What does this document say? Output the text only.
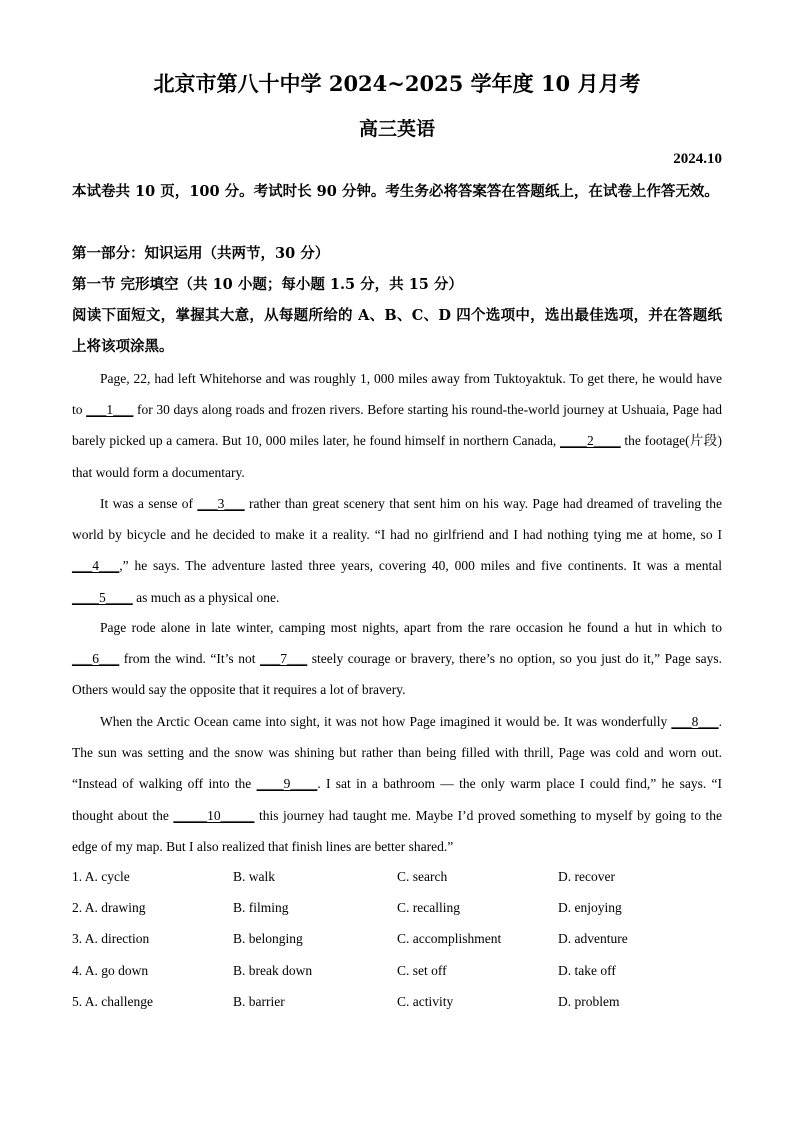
北京市第八十中学 2024~2025 学年度 10 月月考
高三英语
2024.10
本试卷共 10 页，100 分。考试时长 90 分钟。考生务必将答案答在答题纸上，在试卷上作答无效。
第一部分：知识运用（共两节，30 分）
第一节 完形填空（共 10 小题；每小题 1.5 分，共 15 分）
阅读下面短文，掌握其大意，从每题所给的 A、B、C、D 四个选项中，选出最佳选项，并在答题纸上将该项涂黑。

Page, 22, had left Whitehorse and was roughly 1, 000 miles away from Tuktoyaktuk. To get there, he would have to ___1___ for 30 days along roads and frozen rivers. Before starting his round-the-world journey at Ushuaia, Page had barely picked up a camera. But 10, 000 miles later, he found himself in northern Canada, ____2____ the footage(片段) that would form a documentary.

It was a sense of ___3___ rather than great scenery that sent him on his way. Page had dreamed of traveling the world by bicycle and he decided to make it a reality. “I had no girlfriend and I had nothing tying me at home, so I ___4___,” he says. The adventure lasted three years, covering 40, 000 miles and five continents. It was a mental ____5____ as much as a physical one.

Page rode alone in late winter, camping most nights, apart from the rare occasion he found a hut in which to ___6___ from the wind. “It’s not ___7___ steely courage or bravery, there’s no option, so you just do it,” Page says. Others would say the opposite that it requires a lot of bravery.

When the Arctic Ocean came into sight, it was not how Page imagined it would be. It was wonderfully ___8___. The sun was setting and the snow was shining but rather than being filled with thrill, Page was cold and worn out. “Instead of walking off into the ____9____. I sat in a bathroom — the only warm place I could find,” he says. “I thought about the _____10_____ this journey had taught me. Maybe I’d proved something to myself by going to the edge of my map. But I also realized that finish lines are better shared.”

1. A. cycle	B. walk	C. search	D. recover
2. A. drawing	B. filming	C. recalling	D. enjoying
3. A. direction	B. belonging	C. accomplishment	D. adventure
4. A. go down	B. break down	C. set off	D. take off
5. A. challenge	B. barrier	C. activity	D. problem
